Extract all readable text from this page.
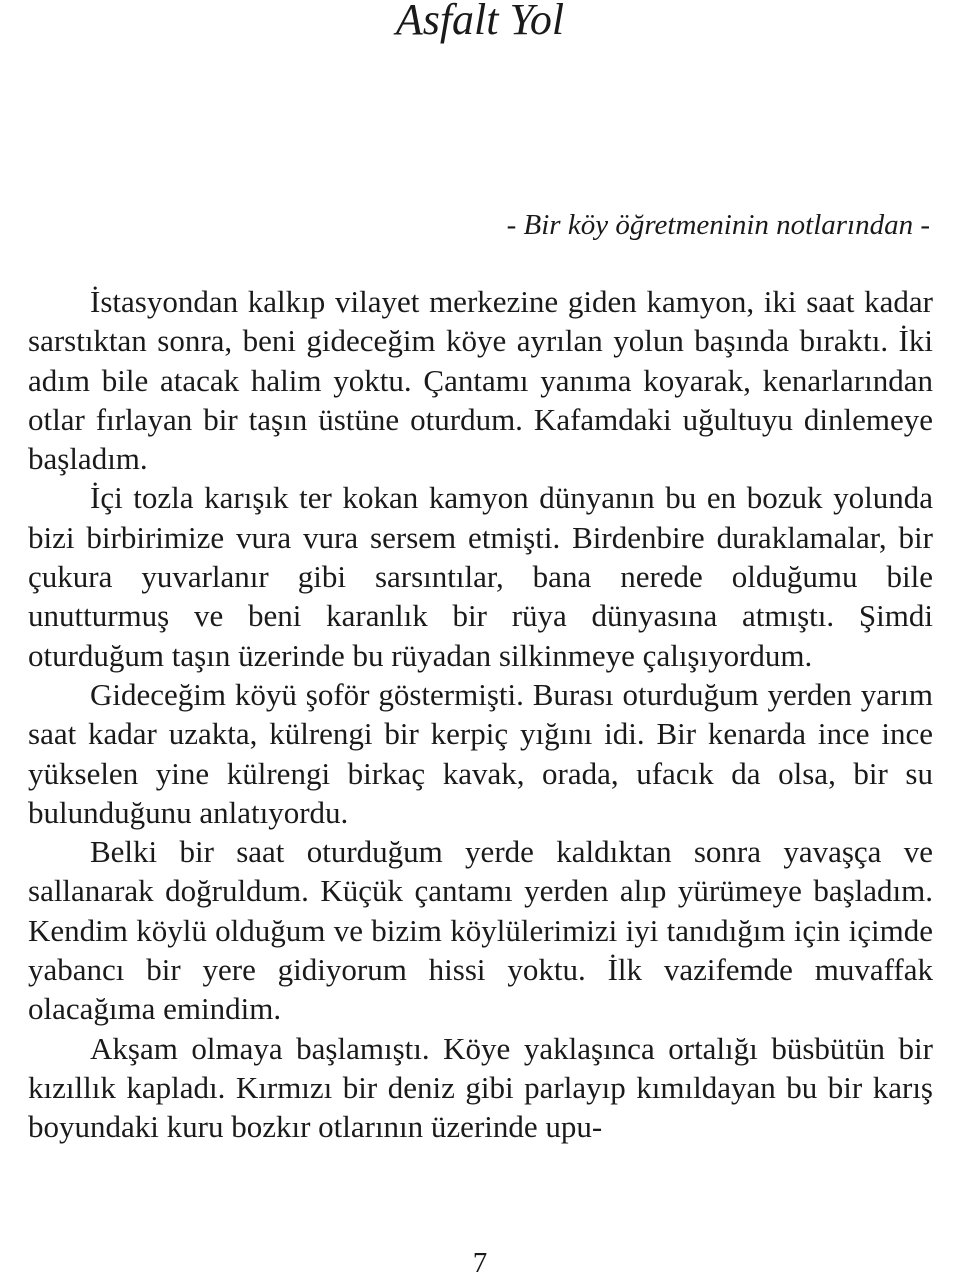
Asfalt Yol
- Bir köy öğretmeninin notlarından -

İstasyondan kalkıp vilayet merkezine giden kamyon, iki saat kadar sarstıktan sonra, beni gideceğim köye ayrılan yolun başında bıraktı. İki adım bile atacak halim yoktu. Çantamı yanıma koyarak, kenarlarından otlar fırlayan bir taşın üstüne oturdum. Kafamdaki uğultuyu dinlemeye başladım.

İçi tozla karışık ter kokan kamyon dünyanın bu en bozuk yolunda bizi birbirimize vura vura sersem etmişti. Birdenbire duraklamalar, bir çukura yuvarlanır gibi sarsıntılar, bana nerede olduğumu bile unutturmuş ve beni karanlık bir rüya dünyasına atmıştı. Şimdi oturduğum taşın üzerinde bu rüyadan silkinmeye çalışıyordum.

Gideceğim köyü şoför göstermişti. Burası oturduğum yerden yarım saat kadar uzakta, külrengi bir kerpiç yığını idi. Bir kenarda ince ince yükselen yine külrengi birkaç kavak, orada, ufacık da olsa, bir su bulunduğunu anlatıyordu.

Belki bir saat oturduğum yerde kaldıktan sonra yavaşça ve sallanarak doğruldum. Küçük çantamı yerden alıp yürümeye başladım. Kendim köylü olduğum ve bizim köylülerimizi iyi tanıdığım için içimde yabancı bir yere gidiyorum hissi yoktu. İlk vazifemde muvaffak olacağıma emindim.

Akşam olmaya başlamıştı. Köye yaklaşınca ortalığı büsbütün bir kızıllık kapladı. Kırmızı bir deniz gibi parlayıp kımıldayan bu bir karış boyundaki kuru bozkır otlarının üzerinde upu-

7
